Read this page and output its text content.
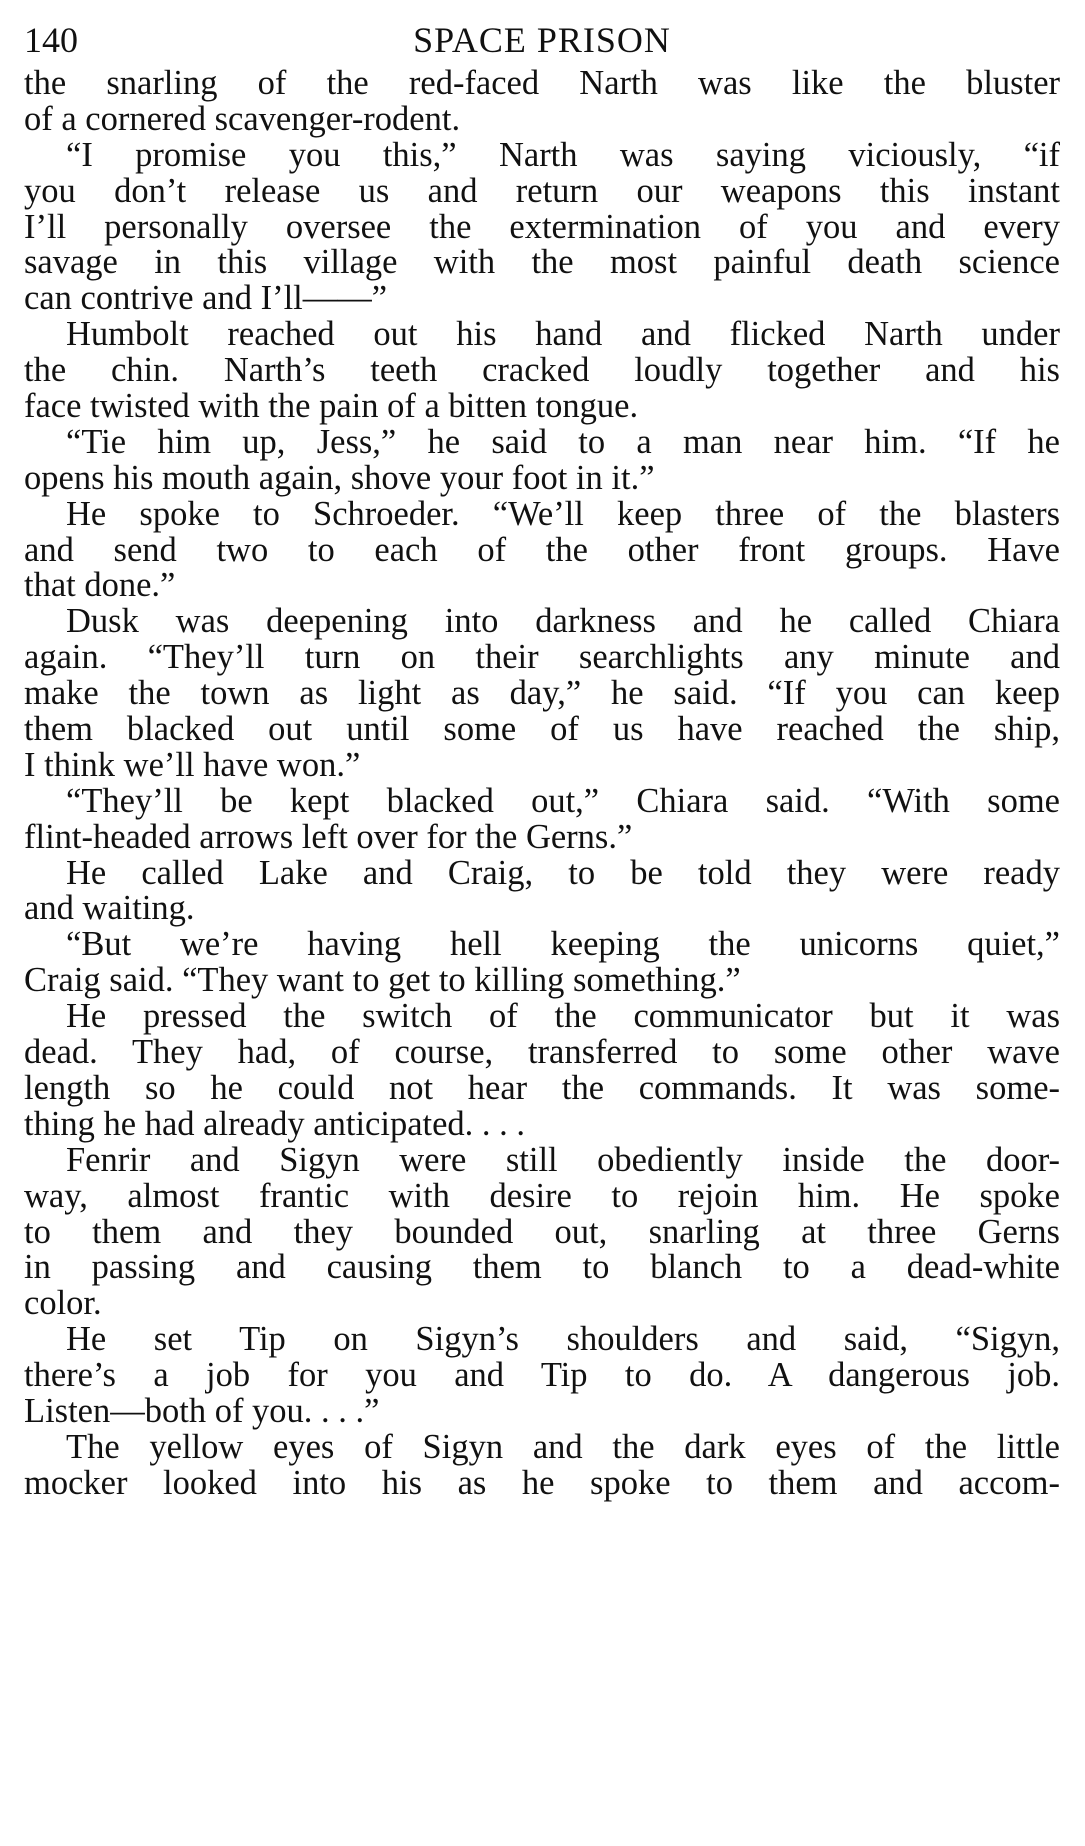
140	SPACE PRISON
the snarling of the red-faced Narth was like the bluster
of a cornered scavenger-rodent.
“I promise you this,” Narth was saying viciously, “if
you don’t release us and return our weapons this instant
I’ll personally oversee the extermination of you and every
savage in this village with the most painful death science
can contrive and I’ll——”
Humbolt reached out his hand and flicked Narth under
the chin. Narth’s teeth cracked loudly together and his
face twisted with the pain of a bitten tongue.
“Tie him up, Jess,” he said to a man near him. “If he
opens his mouth again, shove your foot in it.”
He spoke to Schroeder. “We’ll keep three of the blasters
and send two to each of the other front groups. Have
that done.”
Dusk was deepening into darkness and he called Chiara
again. “They’ll turn on their searchlights any minute and
make the town as light as day,” he said. “If you can keep
them blacked out until some of us have reached the ship,
I think we’ll have won.”
“They’ll be kept blacked out,” Chiara said. “With some
flint-headed arrows left over for the Gerns.”
He called Lake and Craig, to be told they were ready
and waiting.
“But we’re having hell keeping the unicorns quiet,”
Craig said. “They want to get to killing something.”
He pressed the switch of the communicator but it was
dead. They had, of course, transferred to some other wave
length so he could not hear the commands. It was some-
thing he had already anticipated. . . .
Fenrir and Sigyn were still obediently inside the door-
way, almost frantic with desire to rejoin him. He spoke
to them and they bounded out, snarling at three Gerns
in passing and causing them to blanch to a dead-white
color.
He set Tip on Sigyn’s shoulders and said, “Sigyn,
there’s a job for you and Tip to do. A dangerous job.
Listen—both of you. . . .”
The yellow eyes of Sigyn and the dark eyes of the little
mocker looked into his as he spoke to them and accom-
